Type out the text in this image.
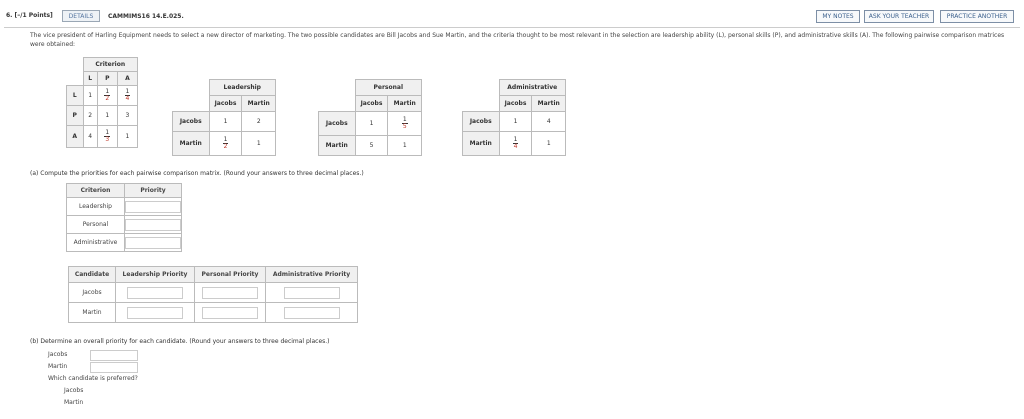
6. [–/1 Points]	DETAILS	CAMMIMS16 14.E.025.	MY NOTES	ASK YOUR TEACHER	PRACTICE ANOTHER
The vice president of Harling Equipment needs to select a new director of marketing. The two possible candidates are Bill Jacobs and Sue Martin, and the criteria thought to be most relevant in the selection are leadership ability (L), personal skills (P), and administrative skills (A). The following pairwise comparison matrices were obtained:
	Criterion		
	L	P	A
L	1	$\frac{1}{2}$	$\frac{1}{4}$

P	2	1	3
A	4	$\frac{1}{3}$	1
	Leadership	
	Jacobs	Martin
Jacobs	1	2
Martin	$\frac{1}{2}$	1
	Personal	
	Jacobs	Martin
Jacobs	1	$\frac{1}{5}$

Martin	5	1
	Administrative	
	Jacobs	Martin
Jacobs	1	4
Martin	$\frac{1}{4}$	1
(a) Compute the priorities for each pairwise comparison matrix. (Round your answers to three decimal places.)
Criterion	Priority
Leadership	

Personal	

Administrative	
Candidate	Leadership Priority	Personal Priority	Administrative Priority
Jacobs	

Martin	

(b) Determine an overall priority for each candidate. (Round your answers to three decimal places.)
Jacobs
Martin
Which candidate is preferred?
Jacobs
Martin
